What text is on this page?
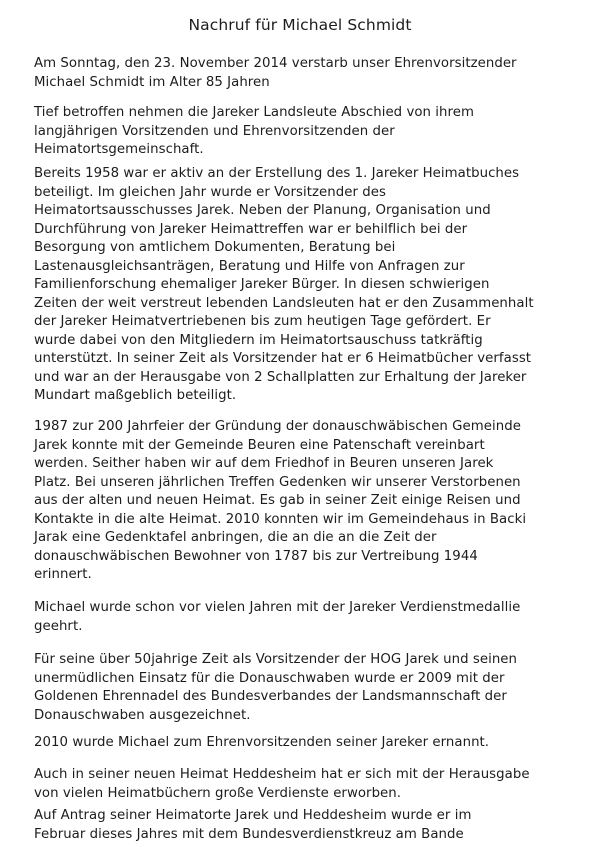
Nachruf für Michael Schmidt

Am Sonntag, den 23. November 2014 verstarb unser Ehrenvorsitzender
Michael Schmidt im Alter 85 Jahren

Tief betroffen nehmen die Jareker Landsleute Abschied von ihrem
langjährigen Vorsitzenden und Ehrenvorsitzenden der
Heimatortsgemeinschaft.

Bereits 1958 war er aktiv an der Erstellung des 1. Jareker Heimatbuches
beteiligt. Im gleichen Jahr wurde er Vorsitzender des
Heimatortsausschusses Jarek. Neben der Planung, Organisation und
Durchführung von Jareker Heimattreffen war er behilflich bei der
Besorgung von amtlichem Dokumenten, Beratung bei
Lastenausgleichsanträgen, Beratung und Hilfe von Anfragen zur
Familienforschung ehemaliger Jareker Bürger. In diesen schwierigen
Zeiten der weit verstreut lebenden Landsleuten hat er den Zusammenhalt
der Jareker Heimatvertriebenen bis zum heutigen Tage gefördert. Er
wurde dabei von den Mitgliedern im Heimatortsauschuss tatkräftig
unterstützt. In seiner Zeit als Vorsitzender hat er 6 Heimatbücher verfasst
und war an der Herausgabe von 2 Schallplatten zur Erhaltung der Jareker
Mundart maßgeblich beteiligt.

1987 zur 200 Jahrfeier der Gründung der donauschwäbischen Gemeinde
Jarek konnte mit der Gemeinde Beuren eine Patenschaft vereinbart
werden. Seither haben wir auf dem Friedhof in Beuren unseren Jarek
Platz. Bei unseren jährlichen Treffen Gedenken wir unserer Verstorbenen
aus der alten und neuen Heimat. Es gab in seiner Zeit einige Reisen und
Kontakte in die alte Heimat. 2010 konnten wir im Gemeindehaus in Backi
Jarak eine Gedenktafel anbringen, die an die an die Zeit der
donauschwäbischen Bewohner von 1787 bis zur Vertreibung 1944
erinnert.

Michael wurde schon vor vielen Jahren mit der Jareker Verdienstmedallie
geehrt.

Für seine über 50jahrige Zeit als Vorsitzender der HOG Jarek und seinen
unermüdlichen Einsatz für die Donauschwaben wurde er 2009 mit der
Goldenen Ehrennadel des Bundesverbandes der Landsmannschaft der
Donauschwaben ausgezeichnet.

2010 wurde Michael zum Ehrenvorsitzenden seiner Jareker ernannt.

Auch in seiner neuen Heimat Heddesheim hat er sich mit der Herausgabe
von vielen Heimatbüchern große Verdienste erworben.

Auf Antrag seiner Heimatorte Jarek und Heddesheim wurde er im
Februar dieses Jahres mit dem Bundesverdienstkreuz am Bande
